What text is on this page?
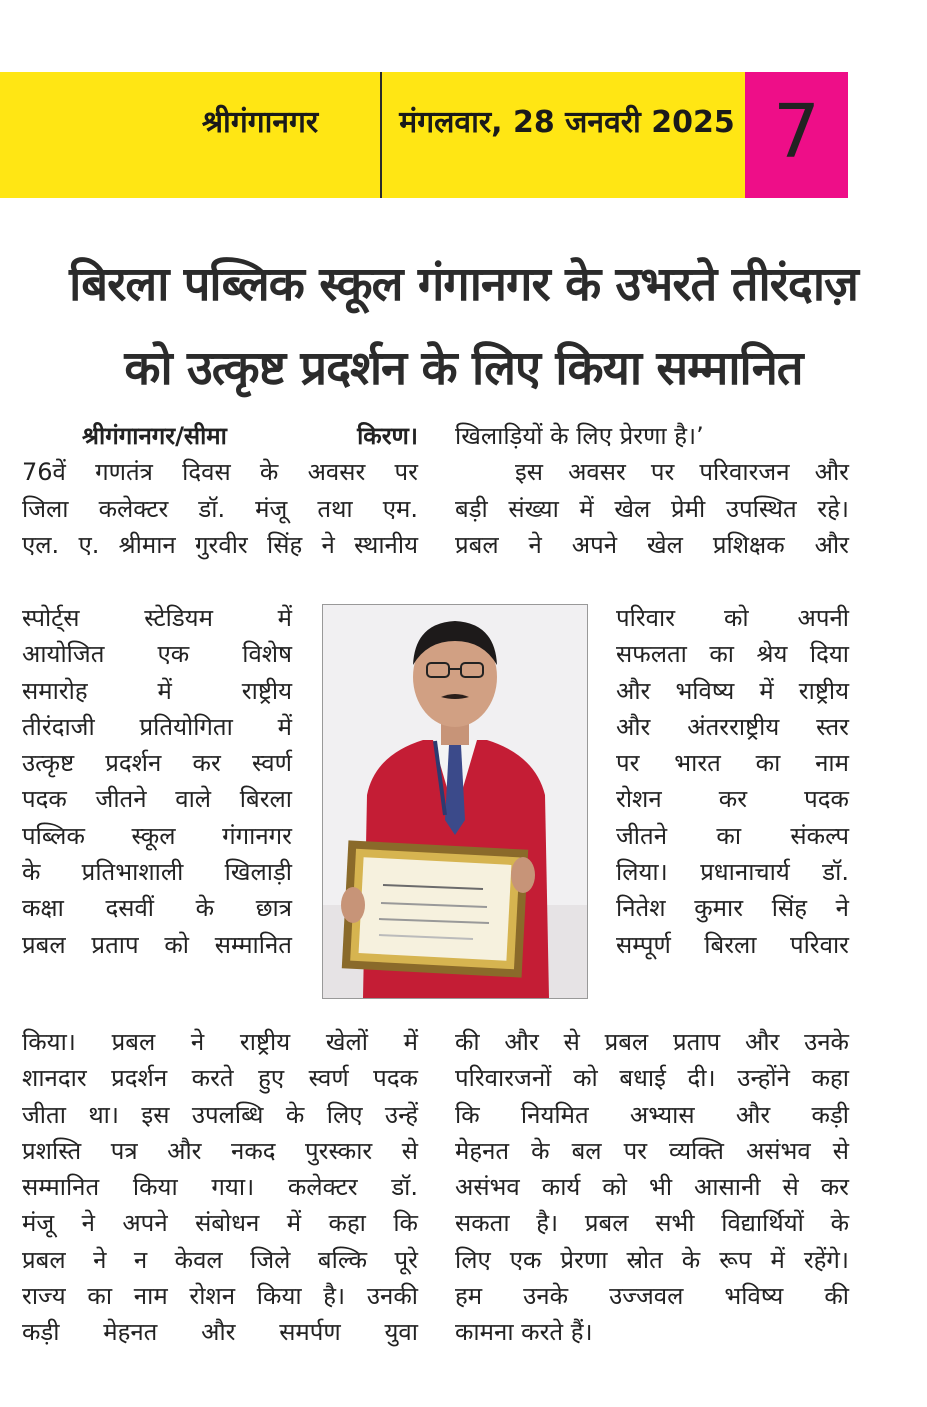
श्रीगंगानगर	मंगलवार, 28 जनवरी 2025 7
बिरला पब्लिक स्कूल गंगानगर के उभरते तीरंदाज़
को उत्कृष्ट प्रदर्शन के लिए किया सम्मानित
श्रीगंगानगर/सीमा किरण।
76वें गणतंत्र दिवस के अवसर पर
जिला कलेक्टर डॉ. मंजू तथा एम.
एल. ए. श्रीमान गुरवीर सिंह ने स्थानीय
स्पोर्ट्स स्टेडियम में
आयोजित एक विशेष
समारोह में राष्ट्रीय
तीरंदाजी प्रतियोगिता में
उत्कृष्ट प्रदर्शन कर स्वर्ण
पदक जीतने वाले बिरला
पब्लिक स्कूल गंगानगर
के प्रतिभाशाली खिलाड़ी
कक्षा दसवीं के छात्र
प्रबल प्रताप को सम्मानित
किया। प्रबल ने राष्ट्रीय खेलों में
शानदार प्रदर्शन करते हुए स्वर्ण पदक
जीता था। इस उपलब्धि के लिए उन्हें
प्रशस्ति पत्र और नकद पुरस्कार से
सम्मानित किया गया। कलेक्टर डॉ.
मंजू ने अपने संबोधन में कहा कि
प्रबल ने न केवल जिले बल्कि पूरे
राज्य का नाम रोशन किया है। उनकी
कड़ी मेहनत और समर्पण युवा
खिलाड़ियों के लिए प्रेरणा है।’
इस अवसर पर परिवारजन और
बड़ी संख्या में खेल प्रेमी उपस्थित रहे।
प्रबल ने अपने खेल प्रशिक्षक और
परिवार को अपनी
सफलता का श्रेय दिया
और भविष्य में राष्ट्रीय
और अंतरराष्ट्रीय स्तर
पर भारत का नाम
रोशन कर पदक
जीतने का संकल्प
लिया। प्रधानाचार्य डॉ.
नितेश कुमार सिंह ने
सम्पूर्ण बिरला परिवार
की और से प्रबल प्रताप और उनके
परिवारजनों को बधाई दी। उन्होंने कहा
कि नियमित अभ्यास और कड़ी
मेहनत के बल पर व्यक्ति असंभव से
असंभव कार्य को भी आसानी से कर
सकता है। प्रबल सभी विद्यार्थियों के
लिए एक प्रेरणा स्रोत के रूप में रहेंगे।
हम उनके उज्जवल भविष्य की
कामना करते हैं।
